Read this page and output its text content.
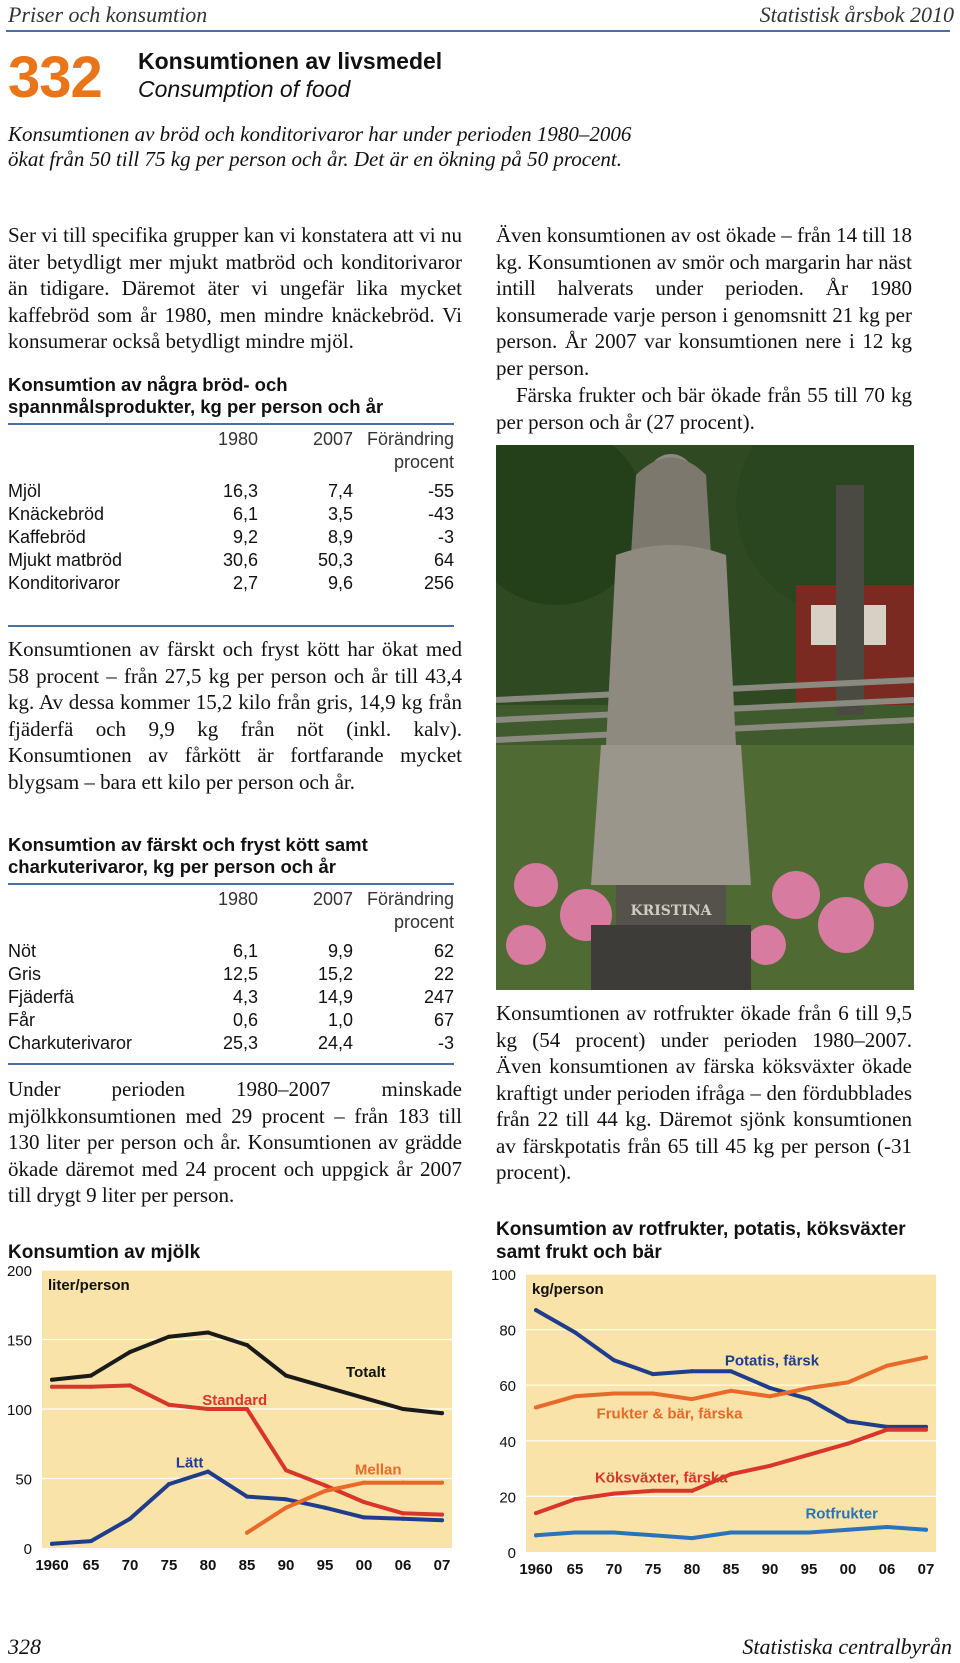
Priser och konsumtion	Statistisk årsbok 2010
332 Konsumtionen av livsmedel
Consumption of food
Konsumtionen av bröd och konditorivaror har under perioden 1980–2006 ökat från 50 till 75 kg per person och år. Det är en ökning på 50 procent.
Ser vi till specifika grupper kan vi konstatera att vi nu äter betydligt mer mjukt matbröd och konditorivaror än tidigare. Däremot äter vi ungefär lika mycket kaffebröd som år 1980, men mindre knäckebröd. Vi konsumerar också betydligt mindre mjöl.
Konsumtion av några bröd- och spannmålsprodukter, kg per person och år
	1980	2007	Förändring
procent

Mjöl	16,3	7,4	-55
Knäckebröd	6,1	3,5	-43
Kaffebröd	9,2	8,9	-3
Mjukt matbröd	30,6	50,3	64
Konditorivaror	2,7	9,6	256
Konsumtionen av färskt och fryst kött har ökat med 58 procent – från 27,5 kg per person och år till 43,4 kg. Av dessa kommer 15,2 kilo från gris, 14,9 kg från fjäderfä och 9,9 kg från nöt (inkl. kalv). Konsumtionen av fårkött är fortfarande mycket blygsam – bara ett kilo per person och år.
Konsumtion av färskt och fryst kött samt charkuterivaror, kg per person och år
	1980	2007	Förändring
procent

Nöt	6,1	9,9	62
Gris	12,5	15,2	22
Fjäderfä	4,3	14,9	247
Får	0,6	1,0	67
Charkuterivaror	25,3	24,4	-3
Under perioden 1980–2007 minskade mjölkkonsumtionen med 29 procent – från 183 till 130 liter per person och år. Konsumtionen av grädde ökade däremot med 24 procent och uppgick år 2007 till drygt 9 liter per person.
Även konsumtionen av ost ökade – från 14 till 18 kg. Konsumtionen av smör och margarin har näst intill halverats under perioden. År 1980 konsumerade varje person i genomsnitt 21 kg per person. År 2007 var konsumtionen nere i 12 kg per person.
Färska frukter och bär ökade från 55 till 70 kg per person och år (27 procent).
KRISTINA
Konsumtionen av rotfrukter ökade från 6 till 9,5 kg (54 procent) under perioden 1980–2007. Även konsumtionen av färska köksväxter ökade kraftigt under perioden ifråga – den fördubblades från 22 till 44 kg. Däremot sjönk konsumtionen av färskpotatis från 65 till 45 kg per person (-31 procent).
Konsumtion av mjölk
0
50
100
150
200
liter/person
1960 65 70 75 80 85 90 95 00 06 07
Totalt
Standard
Lätt	Mellan
Konsumtion av rotfrukter, potatis, köksväxter samt frukt och bär
0
20
40
60
80
100
kg/person
1960 65 70 75 80 85 90 95 00 06 07
Potatis, färsk
Frukter & bär, färska
Köksväxter, färska
Rotfrukter
328	Statistiska centralbyrån
